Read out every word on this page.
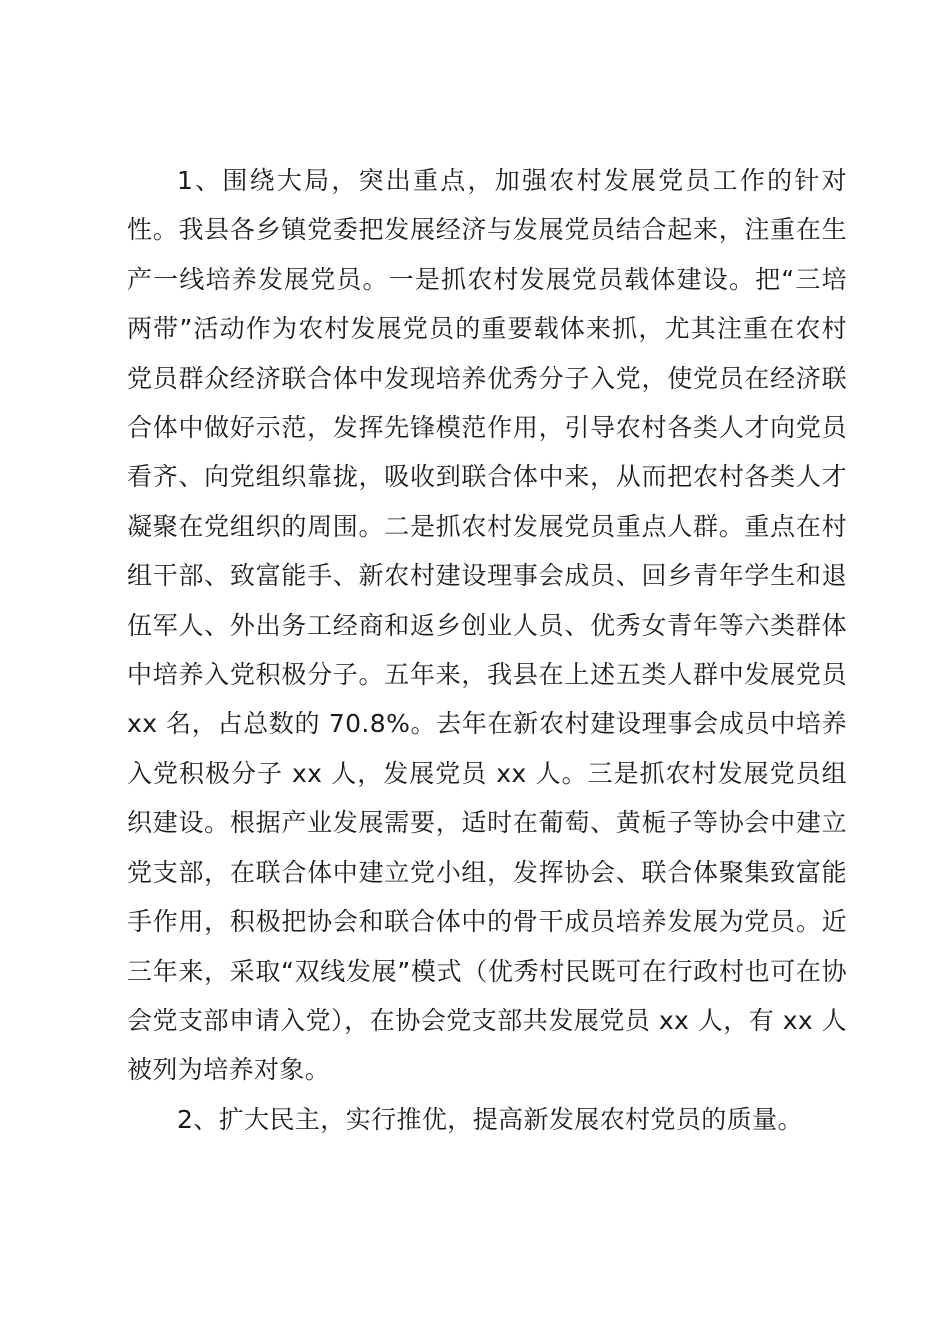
1、围绕大局，突出重点，加强农村发展党员工作的针对性。我县各乡镇党委把发展经济与发展党员结合起来，注重在生产一线培养发展党员。一是抓农村发展党员载体建设。把“三培两带”活动作为农村发展党员的重要载体来抓，尤其注重在农村党员群众经济联合体中发现培养优秀分子入党，使党员在经济联合体中做好示范，发挥先锋模范作用，引导农村各类人才向党员看齐、向党组织靠拢，吸收到联合体中来，从而把农村各类人才凝聚在党组织的周围。二是抓农村发展党员重点人群。重点在村组干部、致富能手、新农村建设理事会成员、回乡青年学生和退伍军人、外出务工经商和返乡创业人员、优秀女青年等六类群体中培养入党积极分子。五年来，我县在上述五类人群中发展党员 xx 名，占总数的 70.8%。去年在新农村建设理事会成员中培养入党积极分子 xx 人，发展党员 xx 人。三是抓农村发展党员组织建设。根据产业发展需要，适时在葡萄、黄栀子等协会中建立党支部，在联合体中建立党小组，发挥协会、联合体聚集致富能手作用，积极把协会和联合体中的骨干成员培养发展为党员。近三年来，采取“双线发展”模式（优秀村民既可在行政村也可在协会党支部申请入党），在协会党支部共发展党员 xx 人，有 xx 人被列为培养对象。

2、扩大民主，实行推优，提高新发展农村党员的质量。
